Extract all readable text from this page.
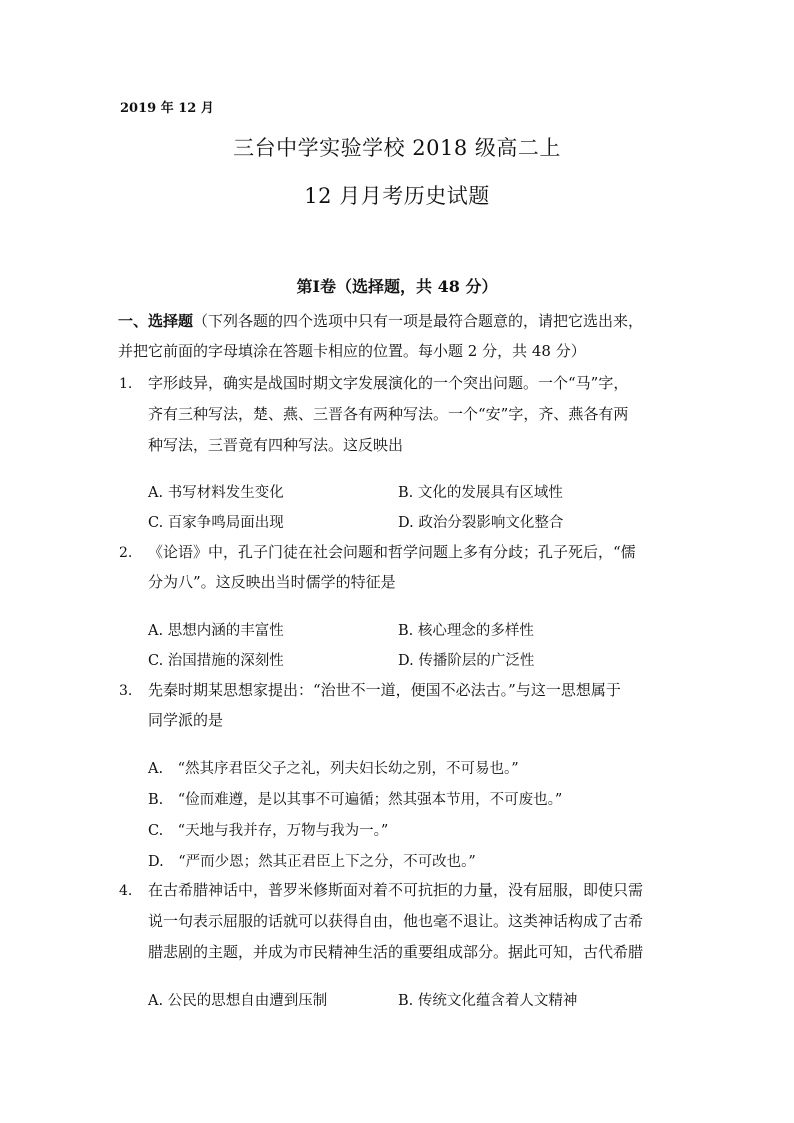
2019 年 12 月
三台中学实验学校 2018 级高二上
12 月月考历史试题
第Ⅰ卷（选择题，共 48 分）
一、选择题（下列各题的四个选项中只有一项是最符合题意的，请把它选出来，
并把它前面的字母填涂在答题卡相应的位置。每小题 2 分，共 48 分）
1. 字形歧异，确实是战国时期文字发展演化的一个突出问题。一个“马”字，
齐有三种写法，楚、燕、三晋各有两种写法。一个“安”字，齐、燕各有两
种写法，三晋竟有四种写法。这反映出
A. 书写材料发生变化	B. 文化的发展具有区域性
C. 百家争鸣局面出现	D. 政治分裂影响文化整合
2. 《论语》中，孔子门徒在社会问题和哲学问题上多有分歧；孔子死后，“儒
分为八”。这反映出当时儒学的特征是
A. 思想内涵的丰富性	B. 核心理念的多样性
C. 治国措施的深刻性	D. 传播阶层的广泛性
3. 先秦时期某思想家提出：“治世不一道，便国不必法古。”与这一思想属于
同学派的是
A.　“然其序君臣父子之礼，列夫妇长幼之别，不可易也。”
B.　“俭而难遵，是以其事不可遍循；然其强本节用，不可废也。”
C.　“天地与我并存，万物与我为一。”
D.　“严而少恩；然其正君臣上下之分，不可改也。”
4. 在古希腊神话中，普罗米修斯面对着不可抗拒的力量，没有屈服，即使只需
说一句表示屈服的话就可以获得自由，他也毫不退让。这类神话构成了古希
腊悲剧的主题，并成为市民精神生活的重要组成部分。据此可知，古代希腊
A. 公民的思想自由遭到压制	B. 传统文化蕴含着人文精神
